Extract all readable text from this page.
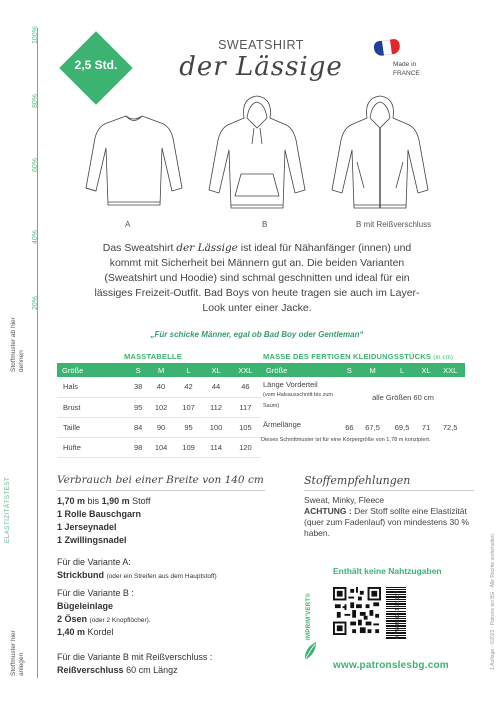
100%
80%
60%
40%
20%
Stoffmuster ab hier dehnen
ELASTIZITÄTSTEST
Stoffmuster hier anlegen
2,5 Std.
SWEATSHIRT
der Lässige	Made in
FRANCE
A	B	B mit Reißverschluss
Das Sweatshirt der Lässige ist ideal für Nähanfänger (innen) und kommt mit Sicherheit bei Männern gut an. Die beiden Varianten (Sweatshirt und Hoodie) sind schmal geschnitten und ideal für ein lässiges Freizeit-Outfit. Bad Boys von heute tragen sie auch im Layer-Look unter einer Jacke.
„Für schicke Männer, egal ob Bad Boy oder Gentleman“
MASSTABELLE
Größe	S	M	L	XL	XXL
Hals	38	40	42	44	46
Brust	95	102	107	112	117
Taille	84	90	95	100	105
Hüfte	98	104	109	114	120
MASSE DES FERTIGEN KLEIDUNGSSTÜCKS (in cm)
Größe	S	M	L	XL	XXL
Länge Vorderteil
(vom Halsausschnitt bis zum Saum)	alle Größen 60 cm				
Ärmellänge	66	67,5	69,5	71	72,5
Dieses Schnittmuster ist für eine Körpergröße von 1,78 m konzipiert.					
Verbrauch bei einer Breite von 140 cm
1,70 m bis 1,90 m Stoff
1 Rolle Bauschgarn
1 Jerseynadel
1 Zwillingsnadel
Für die Variante A:
Strickbund (oder ein Streifen aus dem Hauptstoff)
Für die Variante B :
Bügeleinlage
2 Ösen (oder 2 Knopflöcher).
1,40 m Kordel
Für die Variante B mit Reißverschluss :
Reißverschluss 60 cm Längz
Stoffempfehlungen
Sweat, Minky, Fleece
ACHTUNG : Der Stoff sollte eine Elastizität (quer zum Fadenlauf) von mindestens 30 % haben.
Enthält keine Nahtzugaben
9 783982 158167
IMPRIM'VERT®
www.patronslesbg.com	1.Auflage - ©2023 - Patrons les BG - Alle Rechte vorbehalten.
